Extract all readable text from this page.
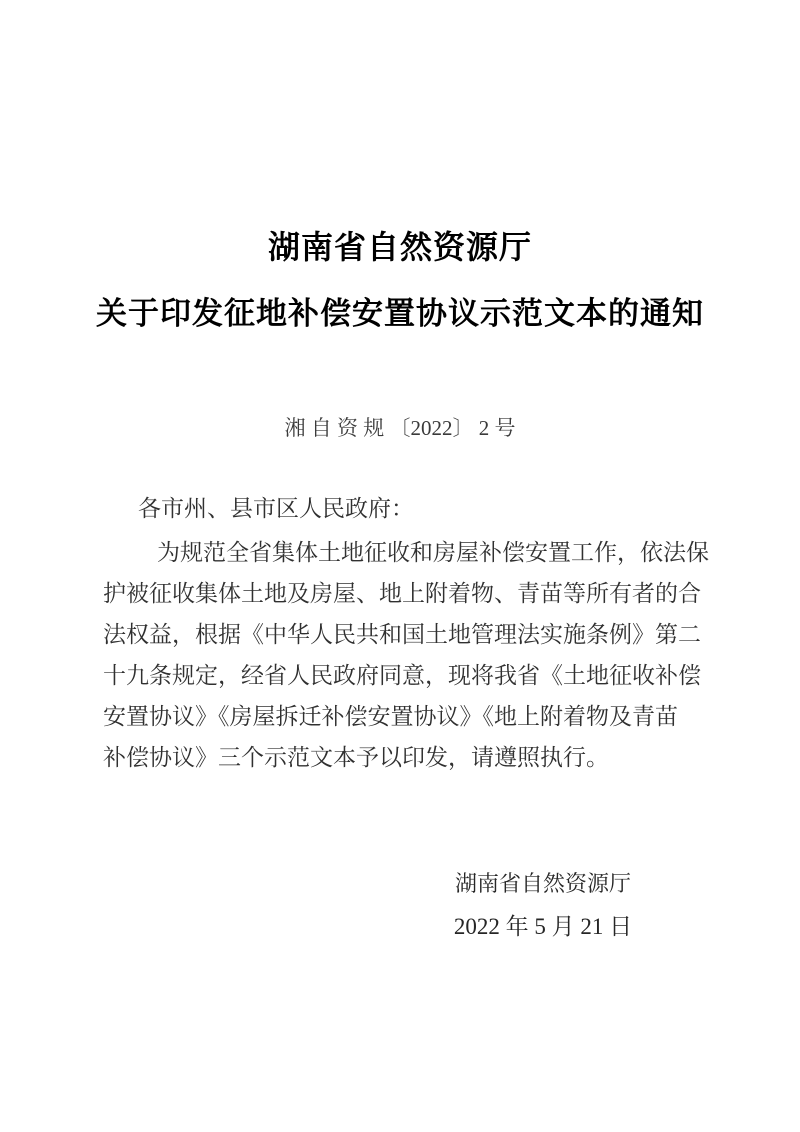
湖南省自然资源厅
关于印发征地补偿安置协议示范文本的通知
湘 自 资 规 〔2022〕 2 号
各市州、县市区人民政府：
为规范全省集体土地征收和房屋补偿安置工作，依法保
护被征收集体土地及房屋、地上附着物、青苗等所有者的合
法权益，根据《中华人民共和国土地管理法实施条例》第二
十九条规定，经省人民政府同意，现将我省《土地征收补偿
安置协议》《房屋拆迁补偿安置协议》《地上附着物及青苗
补偿协议》三个示范文本予以印发，请遵照执行。
湖南省自然资源厅
2022 年 5 月 21 日
